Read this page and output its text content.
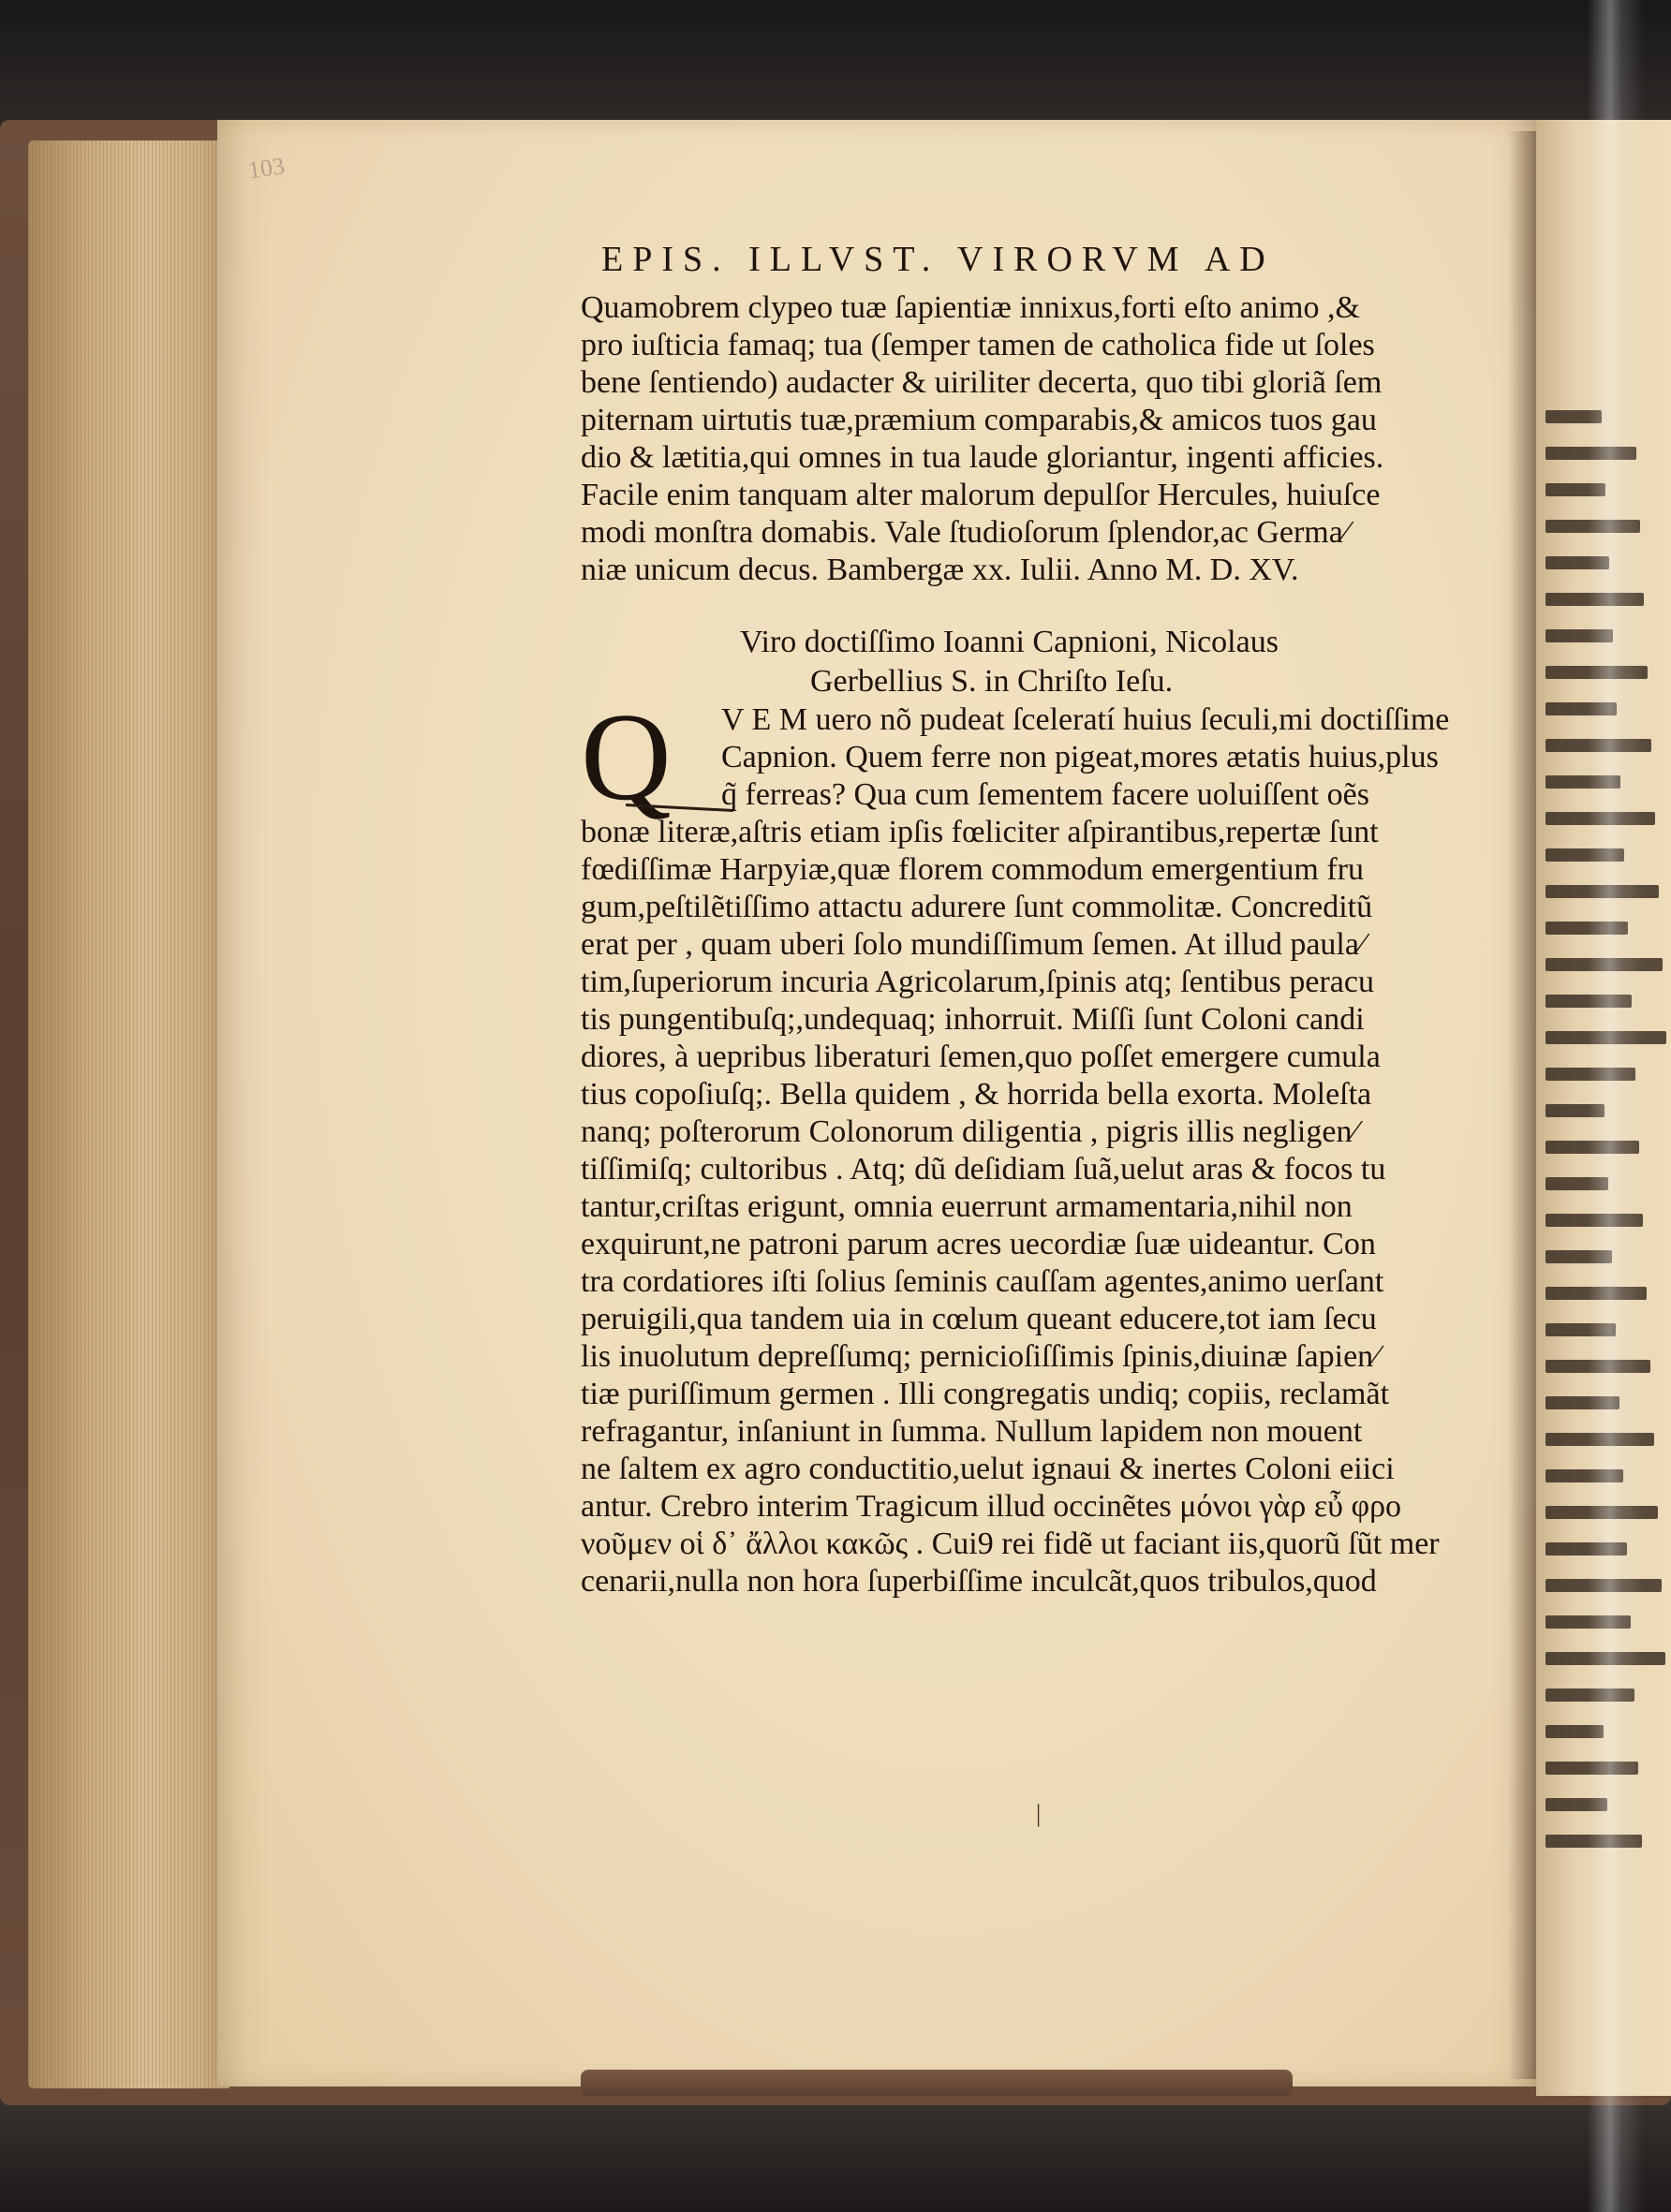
103
EPIS. ILLVST. VIRORVM AD
Quamobrem clypeo tuæ ſapientiæ innixus,forti eſto animo ,&
pro iuſticia famaq; tua (ſemper tamen de catholica fide ut ſoles
bene ſentiendo) audacter & uiriliter decerta, quo tibi gloriã ſem
piternam uirtutis tuæ,præmium comparabis,& amicos tuos gau
dio & lætitia,qui omnes in tua laude gloriantur, ingenti afficies.
Facile enim tanquam alter malorum depulſor Hercules, huiuſce
modi monſtra domabis. Vale ſtudioſorum ſplendor,ac Germa⁄
niæ unicum decus. Bambergæ xx. Iulii. Anno M. D. XV.
Viro doctiſſimo Ioanni Capnioni, Nicolaus
Gerbellius S. in Chriſto Ieſu.
Q	V E M uero nõ pudeat ſceleratí huius ſeculi,mi doctiſſime
Capnion. Quem ferre non pigeat,mores ætatis huius,plus
q̃ ferreas? Qua cum ſementem facere uoluiſſent oẽs
bonæ literæ,aſtris etiam ipſis fœliciter aſpirantibus,repertæ ſunt
fœdiſſimæ Harpyiæ,quæ florem commodum emergentium fru
gum,peſtilẽtiſſimo attactu adurere ſunt commolitæ. Concreditũ
erat per , quam uberi ſolo mundiſſimum ſemen. At illud paula⁄
tim,ſuperiorum incuria Agricolarum,ſpinis atq; ſentibus peracu
tis pungentibuſq;,undequaq; inhorruit. Miſſi ſunt Coloni candi
diores, à uepribus liberaturi ſemen,quo poſſet emergere cumula
tius copoſiuſq;. Bella quidem , & horrida bella exorta. Moleſta
nanq; poſterorum Colonorum diligentia , pigris illis negligen⁄
tiſſimiſq; cultoribus . Atq; dũ deſidiam ſuã,uelut aras & focos tu
tantur,criſtas erigunt, omnia euerrunt armamentaria,nihil non
exquirunt,ne patroni parum acres uecordiæ ſuæ uideantur. Con
tra cordatiores iſti ſolius ſeminis cauſſam agentes,animo uerſant
peruigili,qua tandem uia in cœlum queant educere,tot iam ſecu
lis inuolutum depreſſumq; pernicioſiſſimis ſpinis,diuinæ ſapien⁄
tiæ puriſſimum germen . Illi congregatis undiq; copiis, reclamãt
refragantur, inſaniunt in ſumma. Nullum lapidem non mouent
ne ſaltem ex agro conductitio,uelut ignaui & inertes Coloni eiici
antur. Crebro interim Tragicum illud occinẽtes μόνοι γὰρ εὖ φρο
νοῦμεν οἱ δ᾽ ἄλλοι κακῶς . Cui9 rei fidẽ ut faciant iis,quorũ ſũt mer
cenarii,nulla non hora ſuperbiſſime inculcãt,quos tribulos,quod
|
